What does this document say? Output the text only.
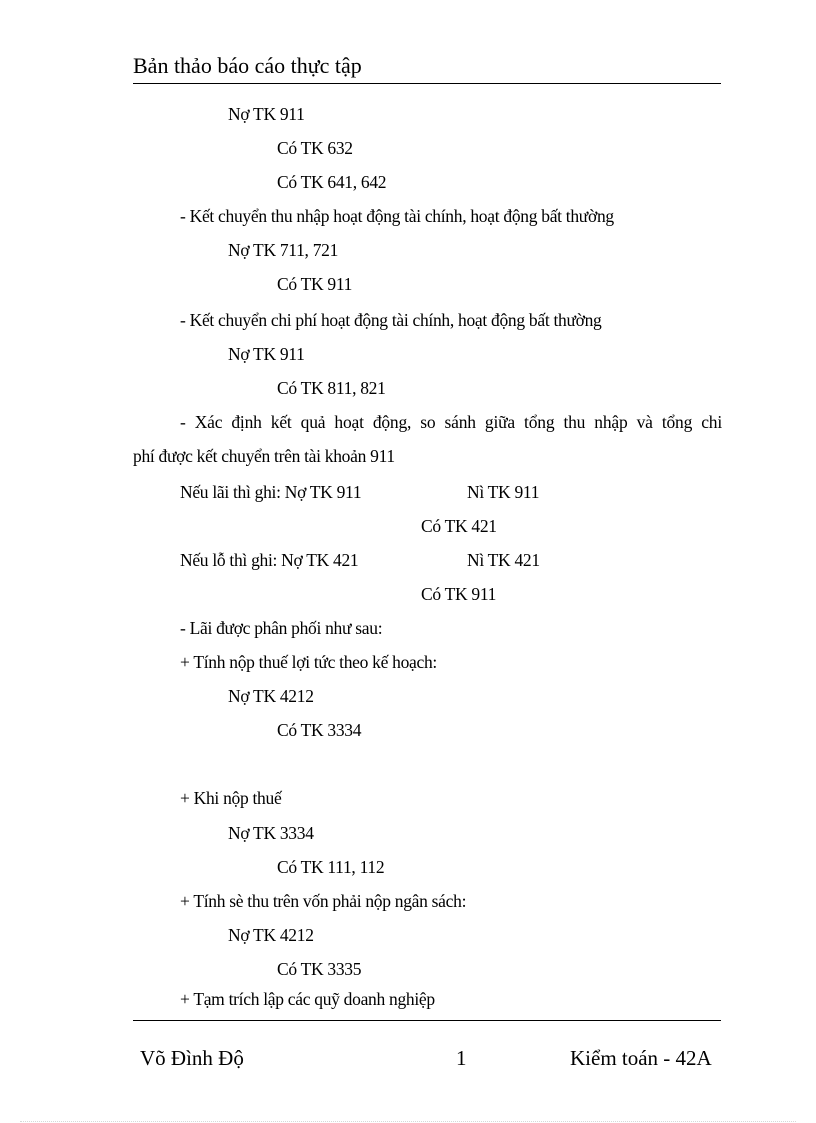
Bản thảo báo cáo thực tập
Nợ TK 911
Có TK 632
Có TK 641, 642
- Kết chuyển thu nhập hoạt động tài chính, hoạt động bất thường
Nợ TK 711, 721
Có TK 911
- Kết chuyển chi phí hoạt động tài chính, hoạt động bất thường
Nợ TK 911
Có TK 811, 821
- Xác định kết quả hoạt động, so sánh giữa tổng thu nhập và tổng chi
phí được kết chuyển trên tài khoản 911
Nếu lãi thì ghi: Nợ TK 911	Nì TK 911
Có TK 421
Nếu lỗ thì ghi: Nợ TK 421	Nì TK 421
Có TK 911
- Lãi được phân phối như sau:
+ Tính nộp thuế lợi tức theo kế hoạch:
Nợ TK 4212
Có TK 3334
+ Khi nộp thuế
Nợ TK 3334
Có TK 111, 112
+ Tính sè thu trên vốn phải nộp ngân sách:
Nợ TK 4212
Có TK 3335
+ Tạm trích lập các quỹ doanh nghiệp
Võ Đình Độ	1	Kiểm toán - 42A
